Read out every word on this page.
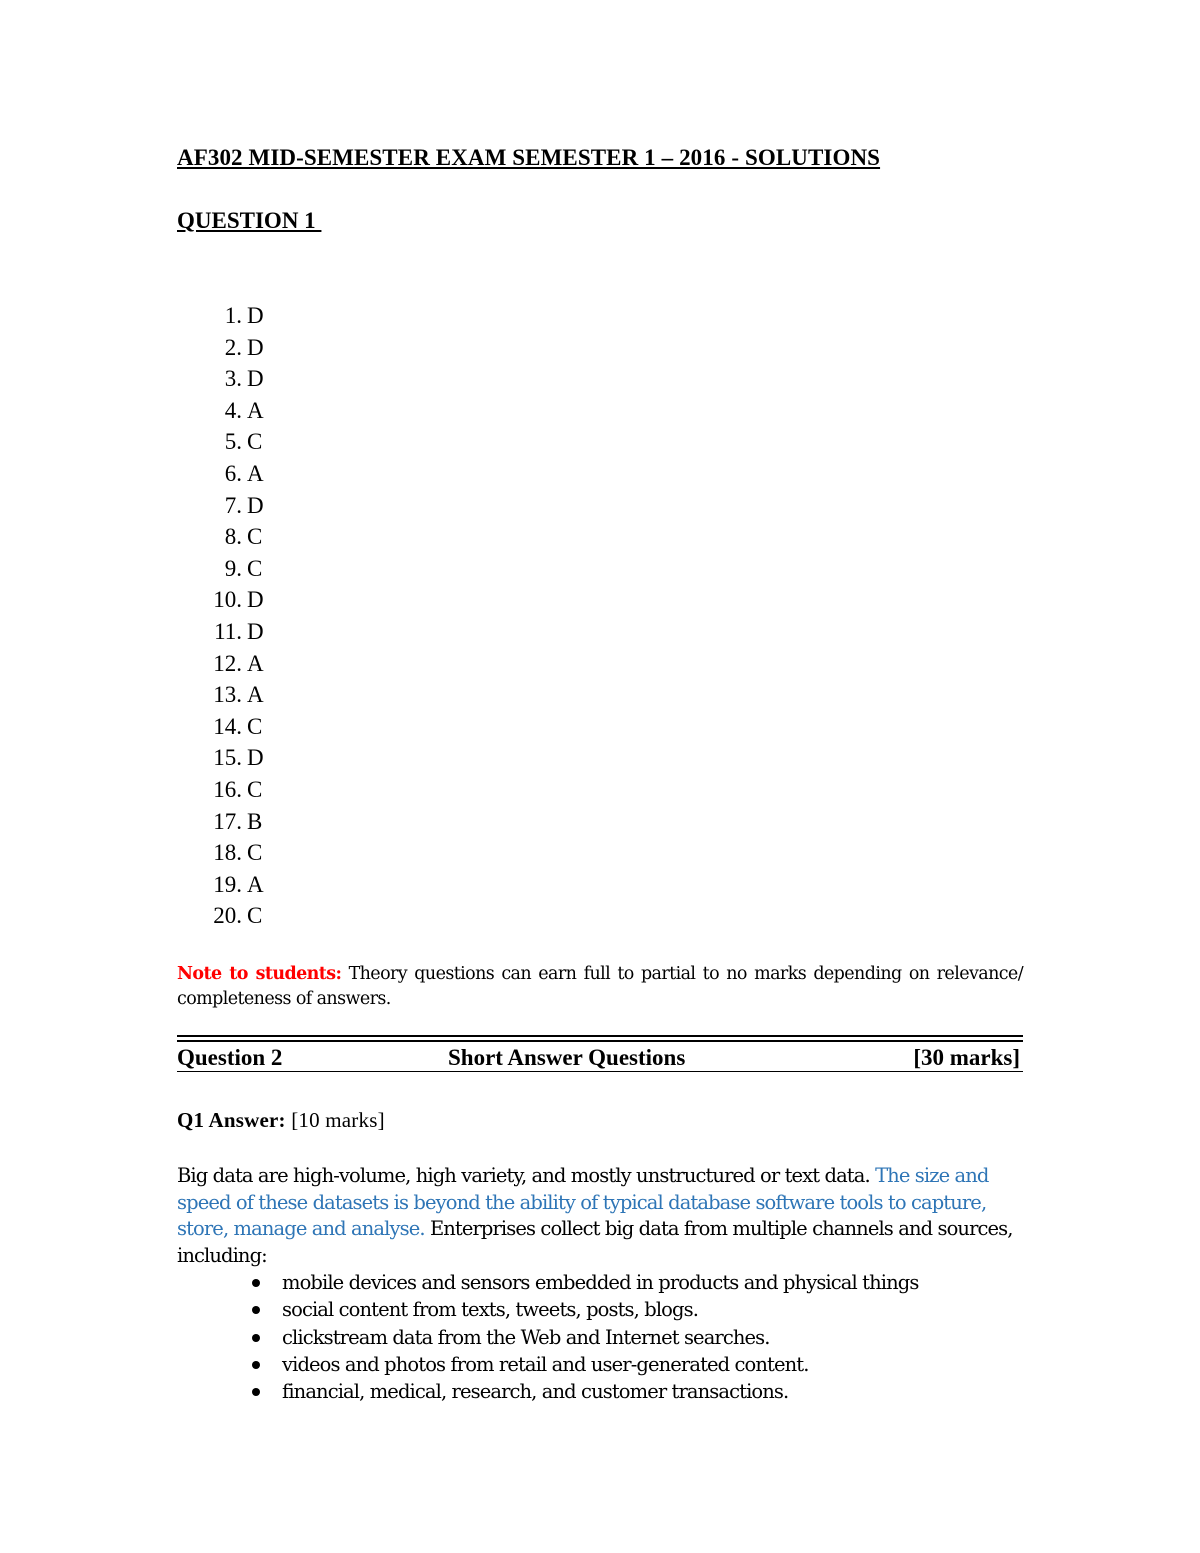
AF302 MID-SEMESTER EXAM SEMESTER 1 – 2016 - SOLUTIONS
QUESTION 1
1. D
2. D
3. D
4. A
5. C
6. A
7. D
8. C
9. C
10. D
11. D
12. A
13. A
14. C
15. D
16. C
17. B
18. C
19. A
20. C
Note to students: Theory questions can earn full to partial to no marks depending on relevance/ completeness of answers.
Question 2	Short Answer Questions	[30 marks]
Q1 Answer: [10 marks]
Big data are high-volume, high variety, and mostly unstructured or text data. The size and speed of these datasets is beyond the ability of typical database software tools to capture, store, manage and analyse. Enterprises collect big data from multiple channels and sources, including:
mobile devices and sensors embedded in products and physical things
social content from texts, tweets, posts, blogs.
clickstream data from the Web and Internet searches.
videos and photos from retail and user-generated content.
financial, medical, research, and customer transactions.
